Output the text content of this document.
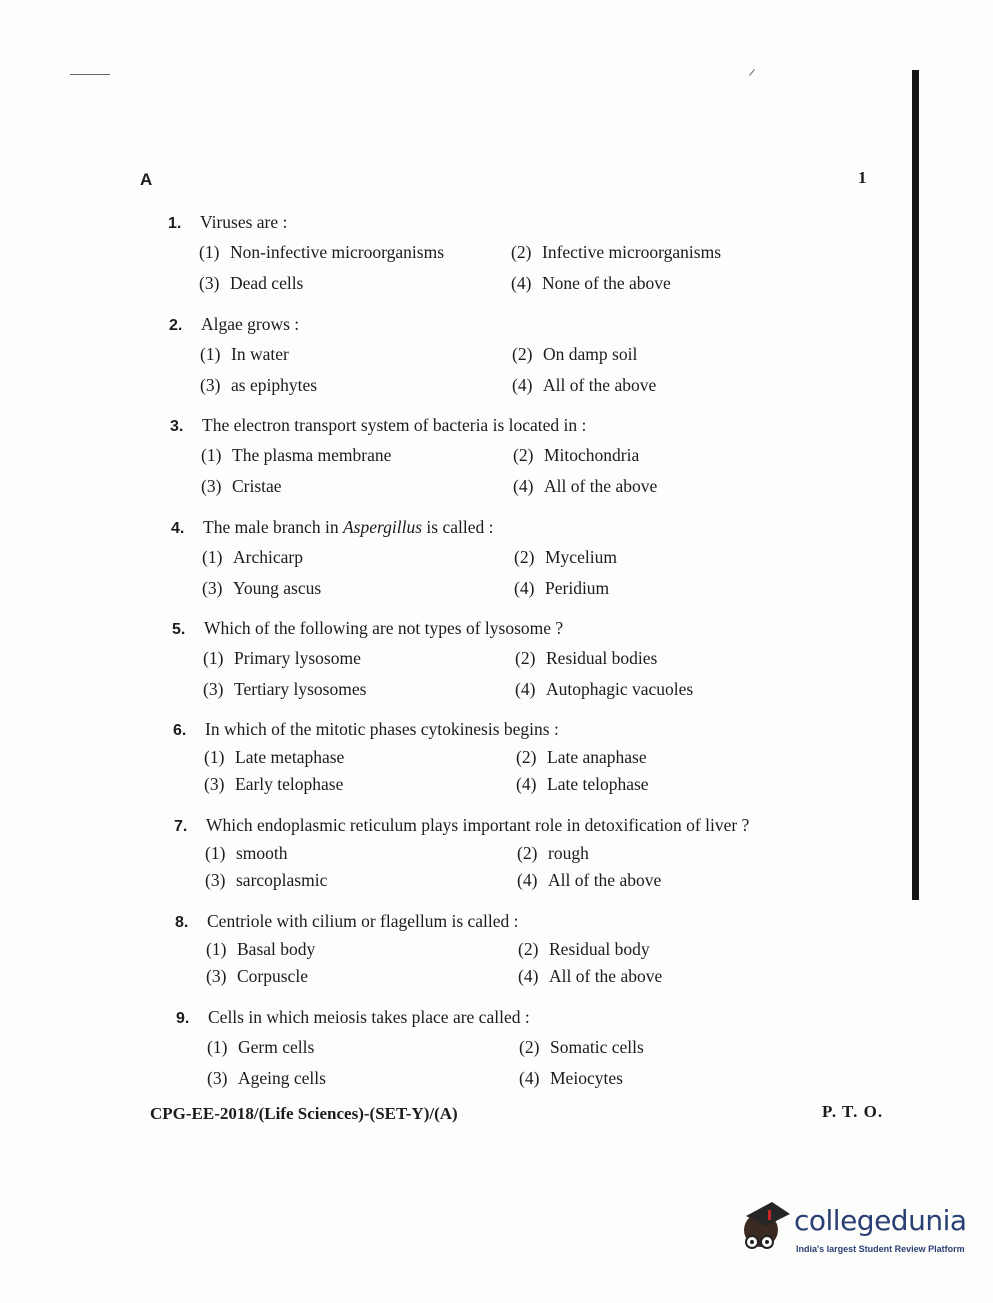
A	1
1.	Viruses are :
(1) Non-infective microorganisms	(2) Infective microorganisms
(3) Dead cells	(4) None of the above
2.	Algae grows :
(1) In water	(2) On damp soil
(3) as epiphytes	(4) All of the above
3.	The electron transport system of bacteria is located in :
(1) The plasma membrane	(2) Mitochondria
(3) Cristae	(4) All of the above
4.	The male branch in Aspergillus is called :
(1) Archicarp	(2) Mycelium
(3) Young ascus	(4) Peridium
5.	Which of the following are not types of lysosome ?
(1) Primary lysosome	(2) Residual bodies
(3) Tertiary lysosomes	(4) Autophagic vacuoles
6.	In which of the mitotic phases cytokinesis begins :
(1) Late metaphase	(2) Late anaphase
(3) Early telophase	(4) Late telophase
7.	Which endoplasmic reticulum plays important role in detoxification of liver ?
(1) smooth	(2) rough
(3) sarcoplasmic	(4) All of the above
8.	Centriole with cilium or flagellum is called :
(1) Basal body	(2) Residual body
(3) Corpuscle	(4) All of the above
9.	Cells in which meiosis takes place are called :
(1) Germ cells	(2) Somatic cells
(3) Ageing cells	(4) Meiocytes
CPG-EE-2018/(Life Sciences)-(SET-Y)/(A)	P. T. O.
collegedunia
India's largest Student Review Platform
